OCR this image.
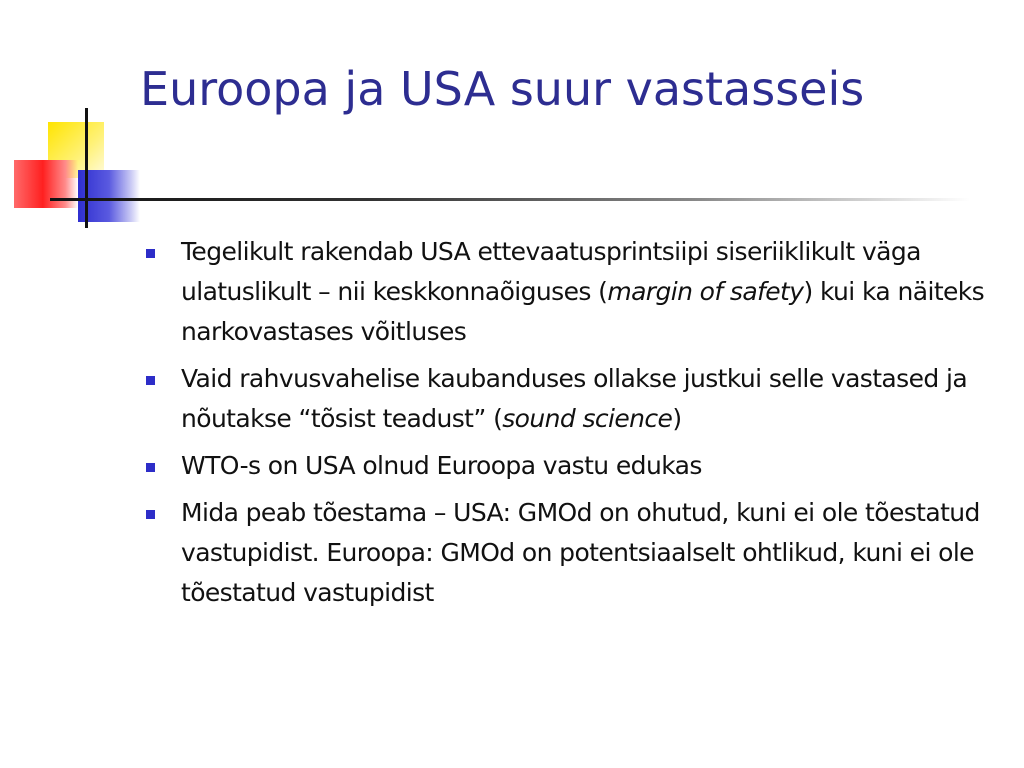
Euroopa ja USA suur vastasseis
Tegelikult rakendab USA ettevaatusprintsiipi siseriiklikult väga ulatuslikult – nii keskkonnaõiguses (margin of safety) kui ka näiteks narkovastases võitluses
Vaid rahvusvahelise kaubanduses ollakse justkui selle vastased ja nõutakse “tõsist teadust” (sound science)
WTO-s on USA olnud Euroopa vastu edukas
Mida peab tõestama – USA: GMOd on ohutud, kuni ei ole tõestatud vastupidist. Euroopa: GMOd on potentsiaalselt ohtlikud, kuni ei ole tõestatud vastupidist
